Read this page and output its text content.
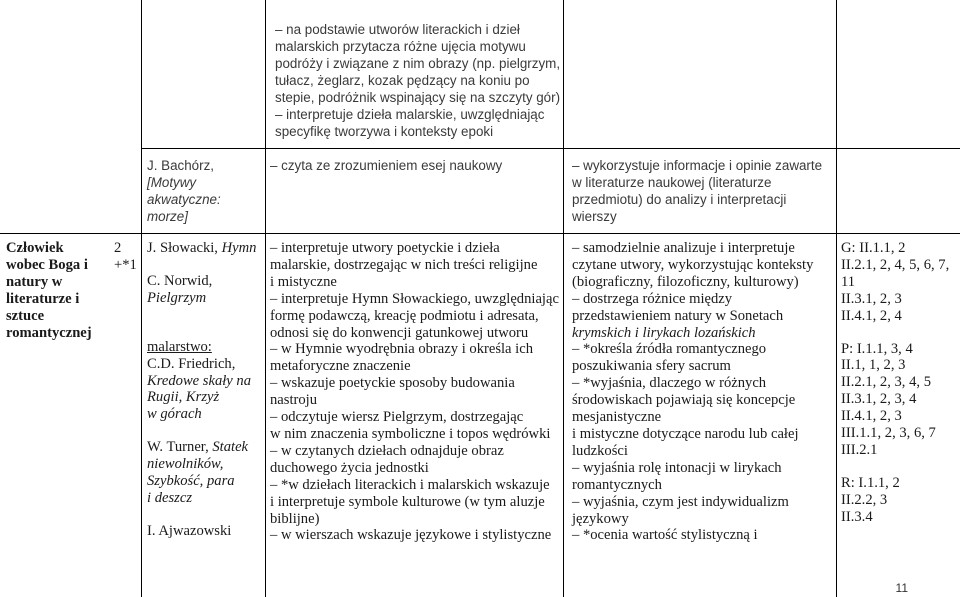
– na podstawie utworów literackich i dzieł
malarskich przytacza różne ujęcia motywu
podróży i związane z nim obrazy (np. pielgrzym,
tułacz, żeglarz, kozak pędzący na koniu po
stepie, podróżnik wspinający się na szczyty gór)
– interpretuje dzieła malarskie, uwzględniając
specyfikę tworzywa i konteksty epoki
J. Bachórz,
[Motywy
akwatyczne:
morze]
– czyta ze zrozumieniem esej naukowy	– wykorzystuje informacje i opinie zawarte
w literaturze naukowej (literaturze
przedmiotu) do analizy i interpretacji
wierszy
Człowiek
wobec Boga i
natury w
literaturze i
sztuce
romantycznej
2
+*1
J. Słowacki, Hymn
C. Norwid,
Pielgrzym
malarstwo:
C.D. Friedrich,
Kredowe skały na
Rugii, Krzyż
w górach
W. Turner, Statek
niewolników,
Szybkość, para
i deszcz
I. Ajwazowski
– interpretuje utwory poetyckie i dzieła
malarskie, dostrzegając w nich treści religijne
i mistyczne
– interpretuje Hymn Słowackiego, uwzględniając
formę podawczą, kreację podmiotu i adresata,
odnosi się do konwencji gatunkowej utworu
– w Hymnie wyodrębnia obrazy i określa ich
metaforyczne znaczenie
– wskazuje poetyckie sposoby budowania
nastroju
– odczytuje wiersz Pielgrzym, dostrzegając
w nim znaczenia symboliczne i topos wędrówki
– w czytanych dziełach odnajduje obraz
duchowego życia jednostki
– *w dziełach literackich i malarskich wskazuje
i interpretuje symbole kulturowe (w tym aluzje
biblijne)
– w wierszach wskazuje językowe i stylistyczne
– samodzielnie analizuje i interpretuje
czytane utwory, wykorzystując konteksty
(biograficzny, filozoficzny, kulturowy)
– dostrzega różnice między
przedstawieniem natury w Sonetach
krymskich i lirykach lozańskich
– *określa źródła romantycznego
poszukiwania sfery sacrum
– *wyjaśnia, dlaczego w różnych
środowiskach pojawiają się koncepcje
mesjanistyczne
i mistyczne dotyczące narodu lub całej
ludzkości
– wyjaśnia rolę intonacji w lirykach
romantycznych
– wyjaśnia, czym jest indywidualizm
językowy
– *ocenia wartość stylistyczną i
G: II.1.1, 2
II.2.1, 2, 4, 5, 6, 7,
11
II.3.1, 2, 3
II.4.1, 2, 4
P: I.1.1, 3, 4
II.1, 1, 2, 3
II.2.1, 2, 3, 4, 5
II.3.1, 2, 3, 4
II.4.1, 2, 3
III.1.1, 2, 3, 6, 7
III.2.1
R: I.1.1, 2
II.2.2, 3
II.3.4
11
